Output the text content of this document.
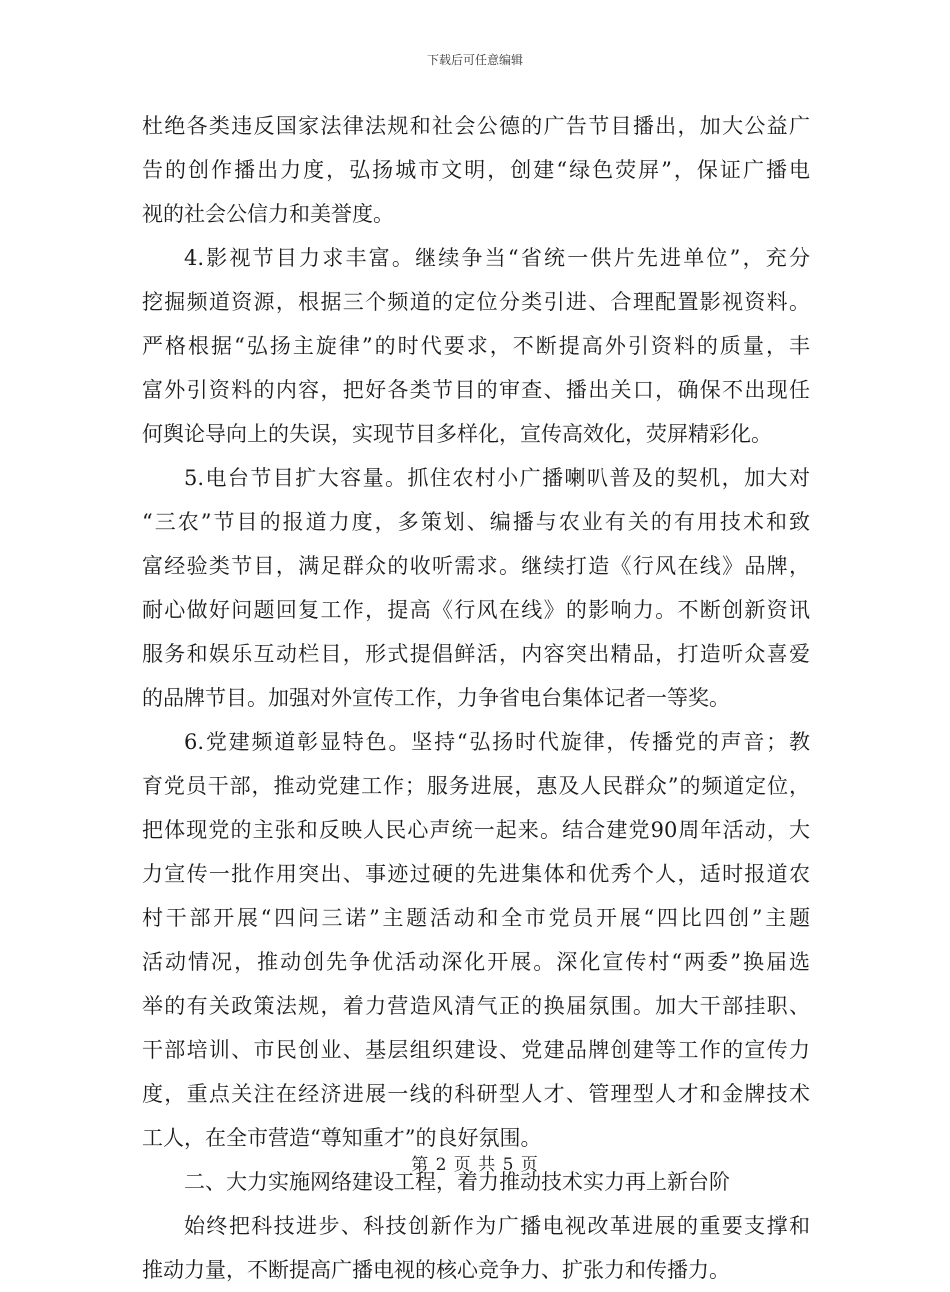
下载后可任意编辑
杜绝各类违反国家法律法规和社会公德的广告节目播出，加大公益广
告的创作播出力度，弘扬城市文明，创建“绿色荧屏”，保证广播电
视的社会公信力和美誉度。
4.影视节目力求丰富。继续争当“省统一供片先进单位”，充分
挖掘频道资源，根据三个频道的定位分类引进、合理配置影视资料。
严格根据“弘扬主旋律”的时代要求，不断提高外引资料的质量，丰
富外引资料的内容，把好各类节目的审查、播出关口，确保不出现任
何舆论导向上的失误，实现节目多样化，宣传高效化，荧屏精彩化。
5.电台节目扩大容量。抓住农村小广播喇叭普及的契机，加大对
“三农”节目的报道力度，多策划、编播与农业有关的有用技术和致
富经验类节目，满足群众的收听需求。继续打造《行风在线》品牌，
耐心做好问题回复工作，提高《行风在线》的影响力。不断创新资讯
服务和娱乐互动栏目，形式提倡鲜活，内容突出精品，打造听众喜爱
的品牌节目。加强对外宣传工作，力争省电台集体记者一等奖。
6.党建频道彰显特色。坚持“弘扬时代旋律，传播党的声音；教
育党员干部，推动党建工作；服务进展，惠及人民群众”的频道定位，
把体现党的主张和反映人民心声统一起来。结合建党90周年活动，大
力宣传一批作用突出、事迹过硬的先进集体和优秀个人，适时报道农
村干部开展“四问三诺”主题活动和全市党员开展“四比四创”主题
活动情况，推动创先争优活动深化开展。深化宣传村“两委”换届选
举的有关政策法规，着力营造风清气正的换届氛围。加大干部挂职、
干部培训、市民创业、基层组织建设、党建品牌创建等工作的宣传力
度，重点关注在经济进展一线的科研型人才、管理型人才和金牌技术
工人，在全市营造“尊知重才”的良好氛围。
二、大力实施网络建设工程，着力推动技术实力再上新台阶
始终把科技进步、科技创新作为广播电视改革进展的重要支撑和
推动力量，不断提高广播电视的核心竞争力、扩张力和传播力。
第 2 页 共 5 页
